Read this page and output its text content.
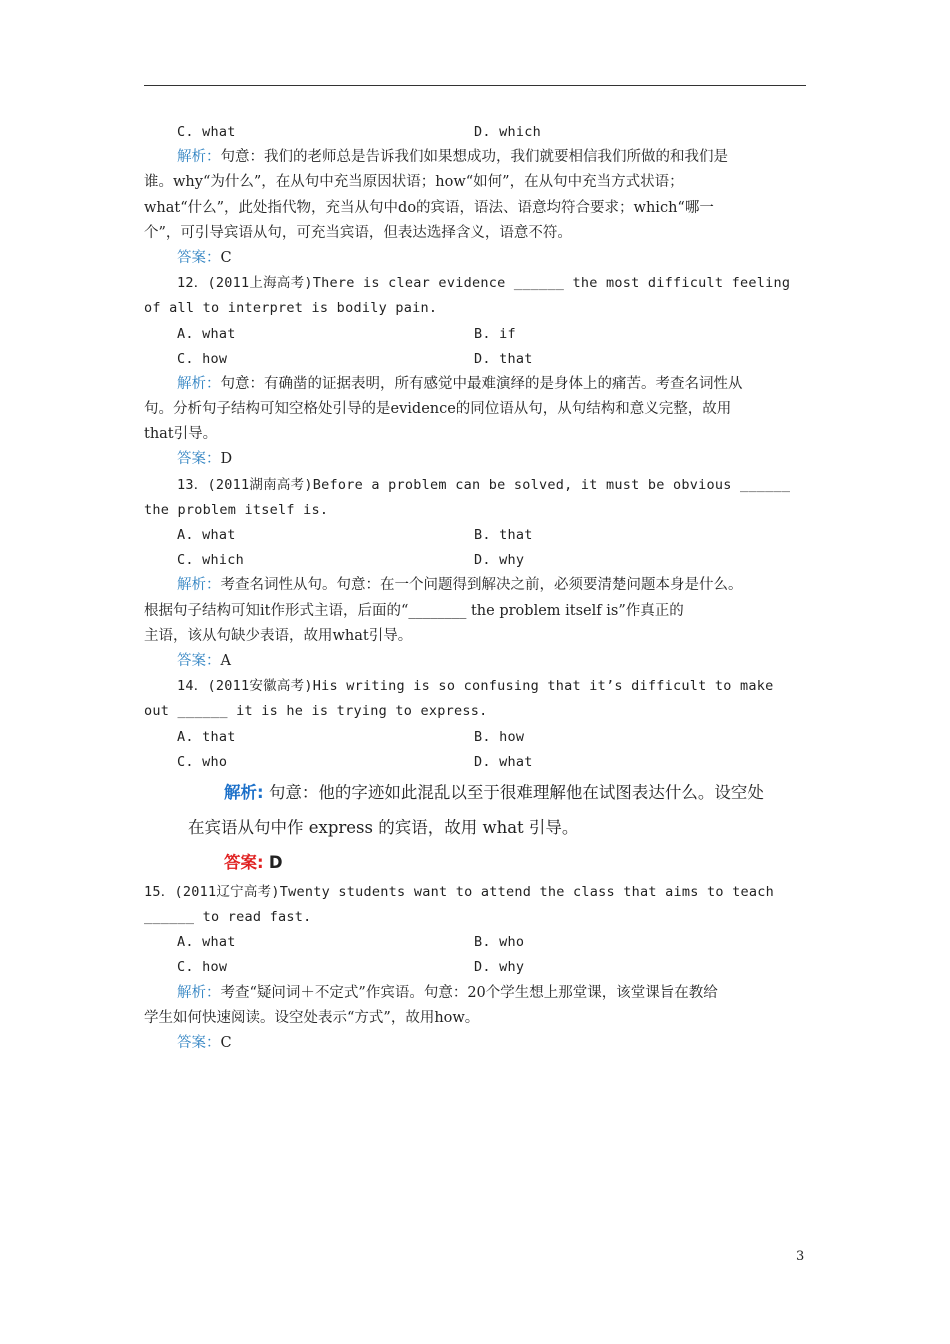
C. what	D. which
解析：句意：我们的老师总是告诉我们如果想成功，我们就要相信我们所做的和我们是
谁。why“为什么”，在从句中充当原因状语；how“如何”，在从句中充当方式状语；
what“什么”，此处指代物，充当从句中do的宾语，语法、语意均符合要求；which“哪一
个”，可引导宾语从句，可充当宾语，但表达选择含义，语意不符。
答案：C
12．(2011上海高考)There is clear evidence ______ the most difficult feeling
of all to interpret is bodily pain.
A. what	B. if
C. how	D. that
解析：句意：有确凿的证据表明，所有感觉中最难演绎的是身体上的痛苦。考查名词性从
句。分析句子结构可知空格处引导的是evidence的同位语从句，从句结构和意义完整，故用
that引导。
答案：D
13．(2011湖南高考)Before a problem can be solved, it must be obvious ______
the problem itself is.
A. what	B. that
C. which	D. why
解析：考查名词性从句。句意：在一个问题得到解决之前，必须要清楚问题本身是什么。
根据句子结构可知it作形式主语，后面的“________ the problem itself is”作真正的
主语，该从句缺少表语，故用what引导。
答案：A
14．(2011安徽高考)His writing is so confusing that it’s difficult to make
out ______ it is he is trying to express.
A. that	B. how
C. who	D. what
解析: 句意：他的字迹如此混乱以至于很难理解他在试图表达什么。设空处
在宾语从句中作 express 的宾语，故用 what 引导。
答案: D
15．(2011辽宁高考)Twenty students want to attend the class that aims to teach
______ to read fast.
A. what	B. who
C. how	D. why
解析：考查“疑问词＋不定式”作宾语。句意：20个学生想上那堂课，该堂课旨在教给
学生如何快速阅读。设空处表示“方式”，故用how。
答案：C
3
